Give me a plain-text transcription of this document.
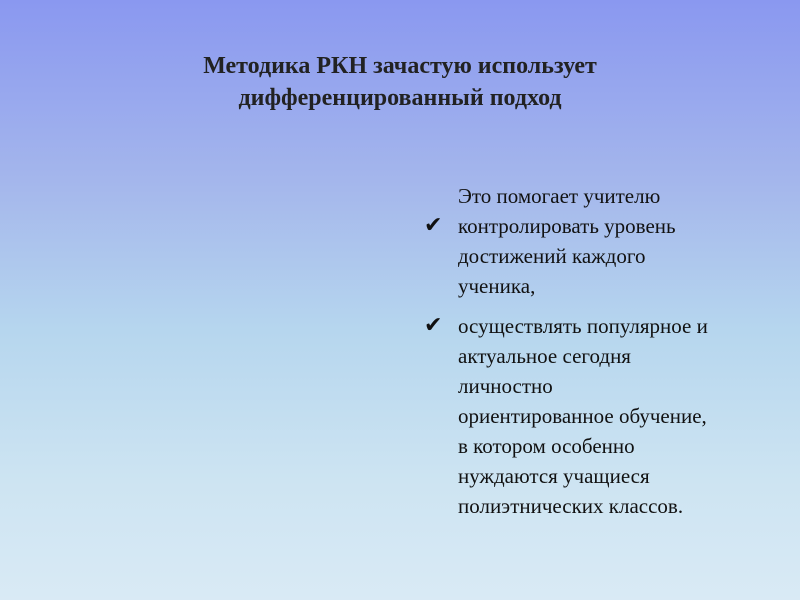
Методика РКН зачастую использует
дифференцированный подход
Это помогает учителю
✔ контролировать уровень
достижений каждого
ученика,
✔ осуществлять популярное и
актуальное сегодня
личностно
ориентированное обучение,
в котором особенно
нуждаются учащиеся
полиэтнических классов.
